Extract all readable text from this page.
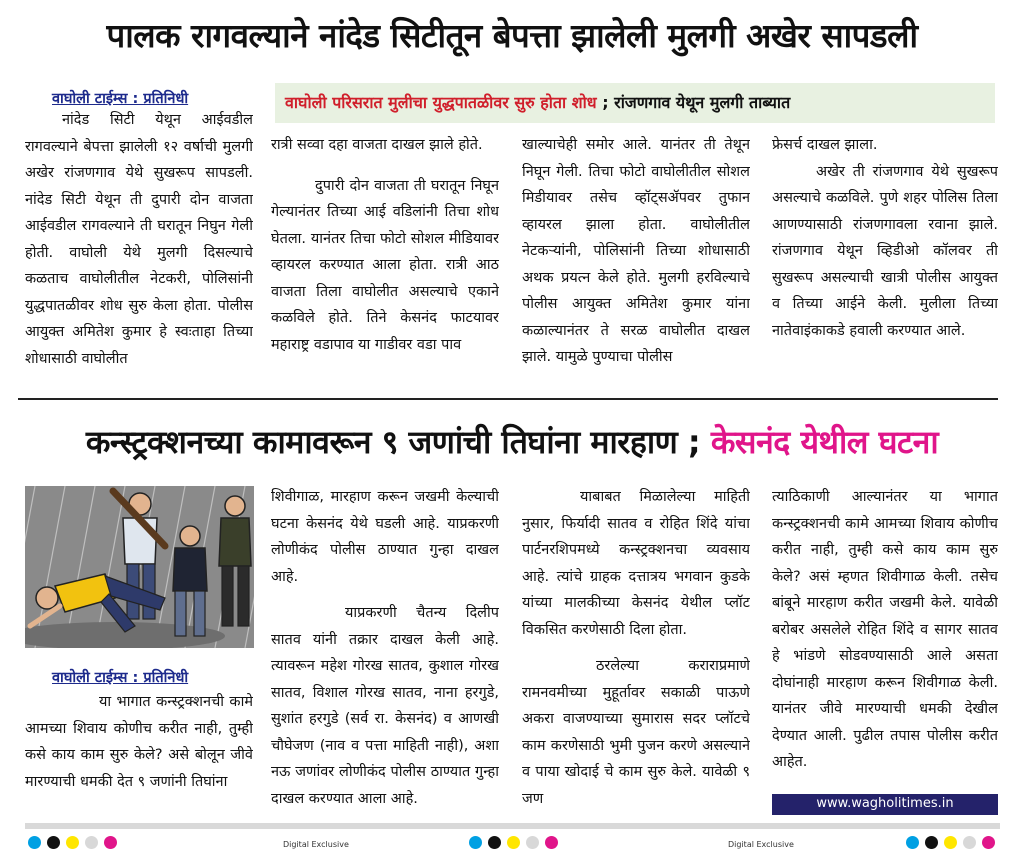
पालक रागवल्याने नांदेड सिटीतून बेपत्ता झालेली मुलगी अखेर सापडली
वाघोली टाईम्स : प्रतिनिधी	वाघोली परिसरात मुलीचा युद्धपातळीवर सुरु होता शोध ; रांजणगाव येथून मुलगी ताब्यात

नांदेड सिटी येथून आईवडील रागवल्याने बेपत्ता झालेली १२ वर्षाची मुलगी अखेर रांजणगाव येथे सुखरूप सापडली. नांदेड सिटी येथून ती दुपारी दोन वाजता आईवडील रागवल्याने ती घरातून निघुन गेली होती. वाघोली येथे मुलगी दिसल्याचे कळताच वाघोलीतील नेटकरी, पोलिसांनी युद्धपातळीवर शोध सुरु केला होता. पोलीस आयुक्त अमितेश कुमार हे स्वःताहा तिच्या शोधासाठी वाघोलीत

रात्री सव्वा दहा वाजता दाखल झाले होते.

दुपारी दोन वाजता ती घरातून निघून गेल्यानंतर तिच्या आई वडिलांनी तिचा शोध घेतला. यानंतर तिचा फोटो सोशल मीडियावर व्हायरल करण्यात आला होता. रात्री आठ वाजता तिला वाघोलीत असल्याचे एकाने कळविले होते. तिने केसनंद फाटयावर महाराष्ट्र वडापाव या गाडीवर वडा पाव

खाल्याचेही समोर आले. यानंतर ती तेथून निघून गेली. तिचा फोटो वाघोलीतील सोशल मिडीयावर तसेच व्हॉट्सॲपवर तुफान व्हायरल झाला होता. वाघोलीतील नेटकऱ्यांनी, पोलिसांनी तिच्या शोधासाठी अथक प्रयत्न केले होते. मुलगी हरविल्याचे पोलीस आयुक्त अमितेश कुमार यांना कळाल्यानंतर ते सरळ वाघोलीत दाखल झाले. यामुळे पुण्याचा पोलीस

फ्रेसर्च दाखल झाला.

अखेर ती रांजणगाव येथे सुखरूप असल्याचे कळविले. पुणे शहर पोलिस तिला आणण्यासाठी रांजणगावला रवाना झाले. रांजणगाव येथून व्हिडीओ कॉलवर ती सुखरूप असल्याची खात्री पोलीस आयुक्त व तिच्या आईने केली. मुलीला तिच्या नातेवाइंकाकडे हवाली करण्यात आले.

कन्स्ट्रक्शनच्या कामावरून ९ जणांची तिघांना मारहाण ; केसनंद येथील घटना
वाघोली टाईम्स : प्रतिनिधी

या भागात कन्स्ट्रक्शनची कामे आमच्या शिवाय कोणीच करीत नाही, तुम्ही कसे काय काम सुरु केले? असे बोलून जीवे मारण्याची धमकी देत ९ जणांनी तिघांना

शिवीगाळ, मारहाण करून जखमी केल्याची घटना केसनंद येथे घडली आहे. याप्रकरणी लोणीकंद पोलीस ठाण्यात गुन्हा दाखल आहे.

याप्रकरणी चैतन्य दिलीप सातव यांनी तक्रार दाखल केली आहे. त्यावरून महेश गोरख सातव, कुशाल गोरख सातव, विशाल गोरख सातव, नाना हरगुडे, सुशांत हरगुडे (सर्व रा. केसनंद) व आणखी चौघेजण (नाव व पत्ता माहिती नाही), अशा नऊ जणांवर लोणीकंद पोलीस ठाण्यात गुन्हा दाखल करण्यात आला आहे.

याबाबत मिळालेल्या माहिती नुसार, फिर्यादी सातव व रोहित शिंदे यांचा पार्टनरशिपमध्ये कन्स्ट्रक्शनचा व्यवसाय आहे. त्यांचे ग्राहक दत्तात्रय भगवान कुडके यांच्या मालकीच्या केसनंद येथील प्लॉट विकसित करणेसाठी दिला होता.

ठरलेल्या कराराप्रमाणे रामनवमीच्या मुहूर्तावर सकाळी पाऊणे अकरा वाजण्याच्या सुमारास सदर प्लॉटचे काम करणेसाठी भुमी पुजन करणे असल्याने व पाया खोदाई चे काम सुरु केले. यावेळी ९ जण

त्याठिकाणी आल्यानंतर या भागात कन्स्ट्रक्शनची कामे आमच्या शिवाय कोणीच करीत नाही, तुम्ही कसे काय काम सुरु केले? असं म्हणत शिवीगाळ केली. तसेच बांबूने मारहाण करीत जखमी केले. यावेळी बरोबर असलेले रोहित शिंदे व सागर सातव हे भांडणे सोडवण्यासाठी आले असता दोघांनाही मारहाण करून शिवीगाळ केली. यानंतर जीवे मारण्याची धमकी देखील देण्यात आली. पुढील तपास पोलीस करीत आहेत.

www.wagholitimes.in
Digital Exclusive	Digital Exclusive
